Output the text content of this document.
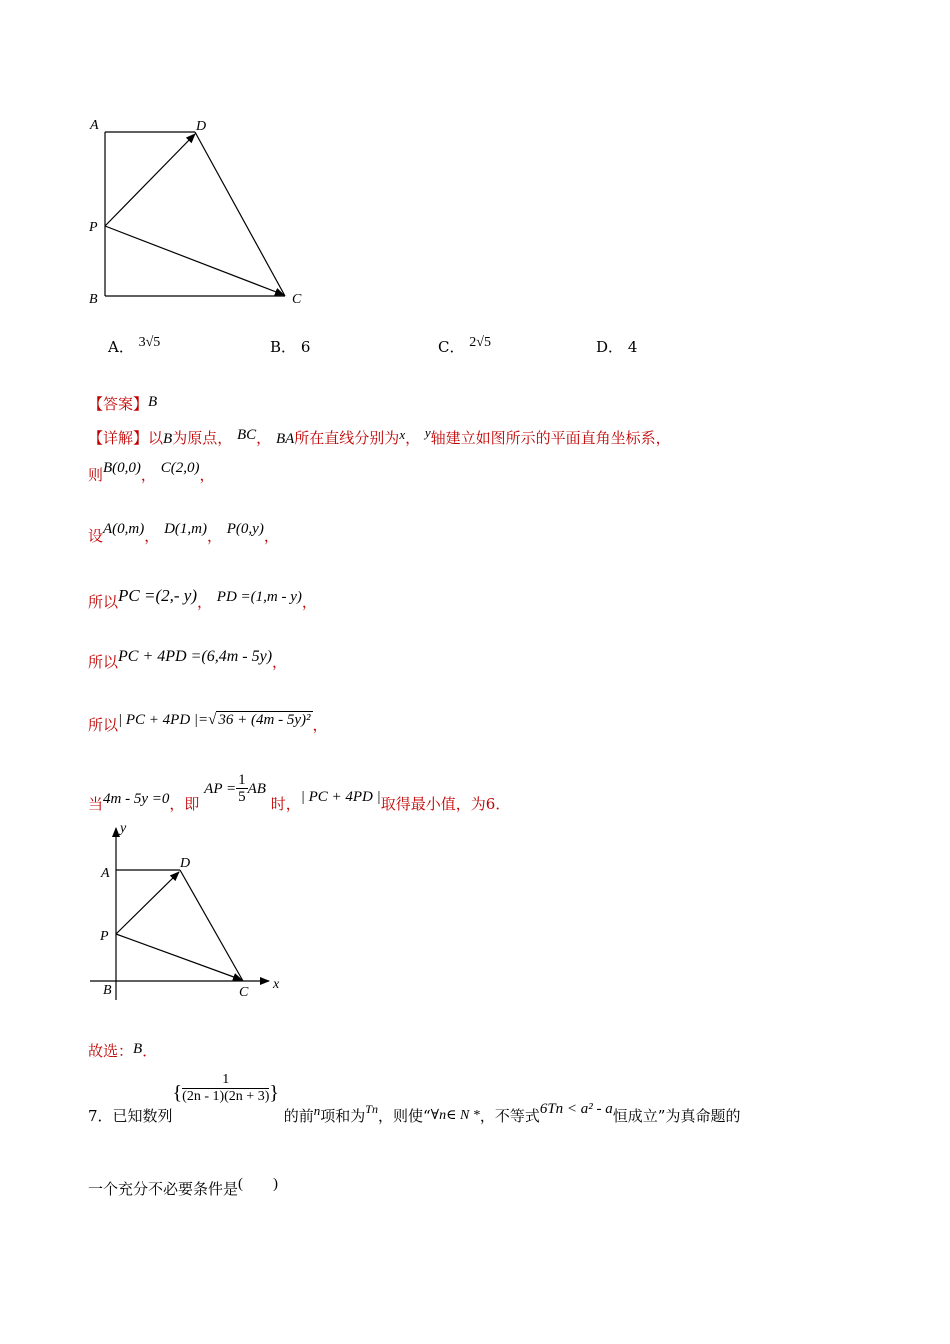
A	D
P
B	C
A． 3√5	B． 6	C． 2√5	D． 4
【答案】B
【详解】以B为原点， BC， BA所在直线分别为x， y轴建立如图所示的平面直角坐标系，
则B(0,0)， C(2,0)，
设A(0,m)， D(1,m)， P(0,y)，
所以PC =(2,- y)， PD =(1,m - y)，
所以PC + 4PD =(6,4m - 5y)，
所以| PC + 4PD |=√ 36 + (4m - 5y)² ，
当4m - 5y =0，即 AP = $\frac{1}{5}$ AB 时，| PC + 4PD |取得最小值，为6．
y
A
D
P
B	C
x
故选：B．
7．已知数列{ $\frac{1}{(2n - 1)(2n + 3)}$ } 的前n项和为$_{Tn}$，则使“∀n∈ N *，不等式6Tn < a² - a恒成立”为真命题的
一个充分不必要条件是(　　)
